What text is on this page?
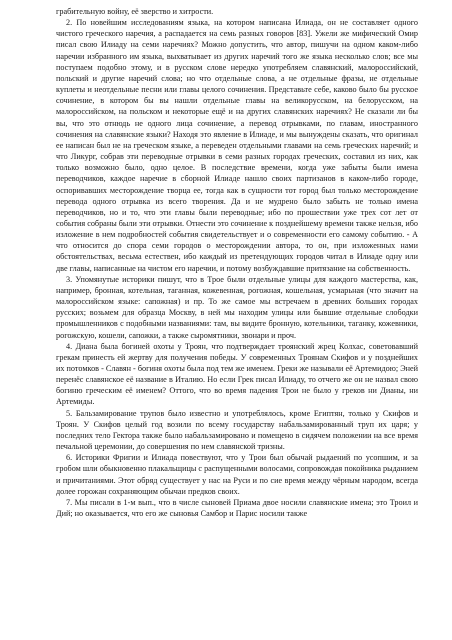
грабительную войну, её зверство и хитрости.

2. По новейшим исследованиям языка, на котором написана Илиада, он не составляет одного чистого греческого наречия, а распадается на семь разных говоров [83]. Ужели же мифический Омир писал свою Илиаду на семи наречиях? Можно допустить, что автор, пишучи на одном каком-либо наречии избранного им языка, выхватывает из других наречий того же языка несколько слов; все мы поступаем подобно этому, и в русском слове нередко употребляем славянский, малороссийский, польский и другие наречий слова; но что отдельные слова, а не отдельные фразы, не отдельные куплеты и неотдельные песни или главы целого сочинения. Представьте себе, каково было бы русское сочинение, в котором бы вы нашли отдельные главы на великорусском, на белорусском, на малороссийском, на польском и некоторые ещё и на других славянских наречиях? Не сказали ли бы вы, что это отнюдь не одного лица сочинение, а перевод отрывками, по главам, иностранного сочинения на славянские языки? Находя это явление в Илиаде, и мы вынуждены сказать, что оригинал ее написан был не на греческом языке, а переведен отдельными главами на семь греческих наречий; и что Ликург, собрав эти переводные отрывки в семи разных городах греческих, составил из них, как только возможно было, одно целое. В последствие времени, когда уже забыты были имена переводчиков, каждое наречие в сборной Илиаде нашло своих партизанов в каком-либо городе, оспоривавших месторождение творца ее, тогда как в сущности тот город был только месторождение перевода одного отрывка из всего творения. Да и не мудрено было забыть не только имена переводчиков, но и то, что эти главы были переводные; ибо по прошествии уже трех сот лет от события собраны были эти отрывки. Отнести это сочинение к позднейшему времени также нельзя, ибо изложение в нем подробностей события свидетельствует и о современности его самому событию. - А что относится до спора семи городов о месторождении автора, то он, при изложенных нами обстоятельствах, весьма естествен, ибо каждый из претендующих городов читал в Илиаде одну или две главы, написанные на чистом его наречии, и потому возбуждавшие притязание на собственность.

3. Упомянутые историки пишут, что в Трое были отдельные улицы для каждого мастерства, как, например, бронная, котельная, таганная, кожевенная, рогожная, кошельная, усмарьная (что значит на малороссийском языке: сапожная) и пр. То же самое мы встречаем в древних больших городах русских; возьмем для образца Москву, в ней мы находим улицы или бывшие отдельные слободки промышленников с подобными названиями: там, вы видите бронную, котельники, таганку, кожевники, рогожскую, кошели, сапожки, а также сыромятники, звонари и проч.

4. Диана была богиней охоты у Троян, что подтверждает троянский жрец Колхас, советовавший грекам принесть ей жертву для получения победы. У современных Троянам Скифов и у позднейших их потомков - Славян - богиня охоты была под тем же именем. Греки же называли её Артемидою; Эней перенёс славянское её название в Италию. Но если Грек писал Илиаду, то отчего же он не назвал свою богиню греческим её именем? Оттого, что во время падения Трои не было у греков ни Дианы, ни Артемиды.

5. Бальзамирование трупов было известно и употреблялось, кроме Египтян, только у Скифов и Троян. У Скифов целый год возили по всему государству набальзамированный труп их царя; у последних тело Гектора также было набальзамировано и помещено в сидячем положении на все время печальной церемонии, до совершения по нем славянской тризны.

6. Историки Фригии и Илиада повествуют, что у Трои был обычай рыдаений по усопшим, и за гробом шли обыкновенно плакальщицы с распущенными волосами, сопровождая покойника рыданием и причитаниями. Этот обряд существует у нас на Руси и по сие время между чёрным народом, всегда долее горожан сохраняющим обычаи предков своих.

7. Мы писали в 1-м вып., что в числе сыновей Приама двое носили славянские имена; это Троил и Дий; но оказывается, что его же сыновья Самбор и Парис носили также
